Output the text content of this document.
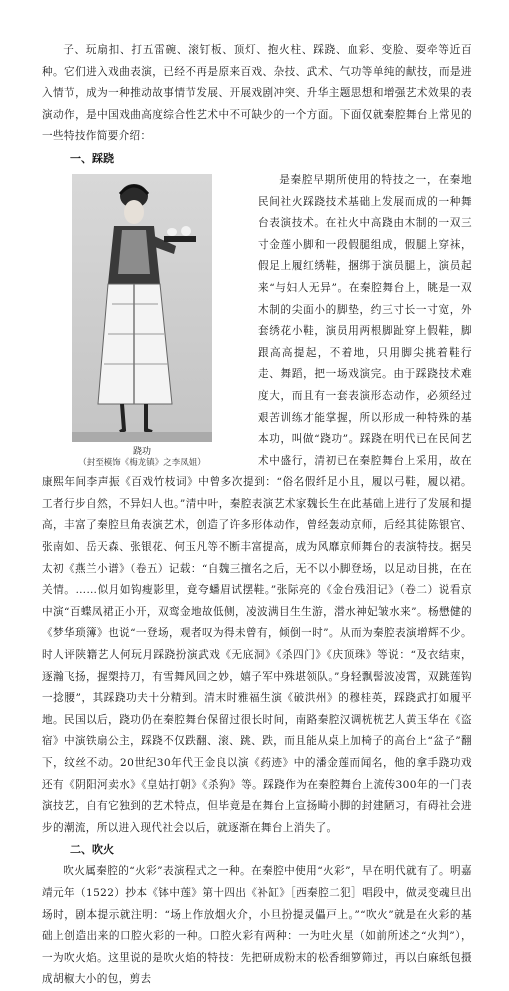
子、玩扇扣、打五雷碗、滚钉板、顶灯、抱火柱、踩跷、血彩、变脸、耍牵等近百种。它们进入戏曲表演，已经不再是原来百戏、杂技、武术、气功等单纯的献技，而是进入情节，成为一种推动故事情节发展、开展戏剧冲突、升华主题思想和增强艺术效果的表演动作，是中国戏曲高度综合性艺术中不可缺少的一个方面。下面仅就秦腔舞台上常见的一些特技作简要介绍：

一、踩跷
跷功
（封至模饰《梅龙镇》之李凤姐）

是秦腔早期所使用的特技之一，在秦地民间社火踩跷技术基础上发展而成的一种舞台表演技术。在社火中高跷由木制的一双三寸金莲小脚和一段假腿组成，假腿上穿袜，假足上履红绣鞋，捆绑于演员腿上，演员起来“与妇人无异”。在秦腔舞台上，眺是一双木制的尖面小的脚垫，约三寸长一寸宽，外套绣花小鞋，演员用两根脚趾穿上假鞋，脚跟高高提起，不着地，只用脚尖挑着鞋行走、舞蹈，把一场戏演完。由于踩跷技术难度大，而且有一套表演形态动作，必须经过艰苦训练才能掌握，所以形成一种特殊的基本功，叫做“跷功”。踩跷在明代已在民间艺术中盛行，清初已在秦腔舞台上采用，故在康熙年间李声振《百戏竹枝词》中曾多次提到：“俗名假纤足小且，履以弓鞋，履以裙。工者行步自然，不异妇人也。”清中叶，秦腔表演艺术家魏长生在此基础上进行了发展和提高，丰富了秦腔旦角表演艺术，创造了许多形体动作，曾经轰动京师，后经其徒陈银官、张南如、岳天森、张银花、何玉凡等不断丰富提高，成为风靡京师舞台的表演特技。据吴太初《燕兰小谱》（卷五）记载：“自魏三擅名之后，无不以小脚登场，以足动目挑，在在关情。……似月如钩瘦影里，竟夸蟠眉试摆鞋。”张际亮的《金台残泪记》（卷二）说看京中演“百蝶凤裙正小开，双鸾金地故低侧，凌波满目生生游，潜水神妃皱水来”。杨懋健的《梦华琐簿》也说“一登场，观者叹为得未曾有，倾倒一时”。从而为秦腔表演增辉不少。时人评陕籍艺人何玩月踩跷扮演武戏《无底洞》《杀四门》《庆顶珠》等说：“及衣结束，逐瀚飞扬，握槊持刀，有雪舞风回之妙，嬉子军中殊堪领队。”身轻飘髻波凌霄，双跳莲钩一捻腰”，其踩跷功夫十分精到。清末时雅福生演《破洪州》的穆桂英，踩跷武打如履平地。民国以后，跷功仍在秦腔舞台保留过很长时间，南路秦腔汉调桄桄艺人黄玉华在《盗宿》中演铁扇公主，踩跷不仅跌翻、滚、跳、跌，而且能从桌上加椅子的高台上“盆子”翻下，纹丝不动。20世纪30年代王金良以演《药迹》中的潘金莲而闻名，他的拿手跷功戏还有《阴阳河卖水》《皇姑打朝》《杀狗》等。踩跷作为在秦腔舞台上流传300年的一门表演技艺，自有它独到的艺术特点，但毕竟是在舞台上宣扬畸小脚的封建陋习，有碍社会进步的潮流，所以进入现代社会以后，就逐渐在舞台上消失了。

二、吹火

吹火属秦腔的“火彩”表演程式之一种。在秦腔中使用“火彩”，早在明代就有了。明嘉靖元年（1522）抄本《钵中莲》第十四出《补缸》［西秦腔二犯］唱段中，做灵变魂旦出场时，剧本提示就注明：“场上作放烟火介，小旦扮提灵儡戸上。”“吹火”就是在火彩的基础上创造出来的口腔火彩的一种。口腔火彩有两种：一为吐火星（如前所述之“火判”），一为吹火焰。这里说的是吹火焰的特技：先把研成粉末的松香细箩筛过，再以白麻纸包摄成胡椒大小的包，剪去
